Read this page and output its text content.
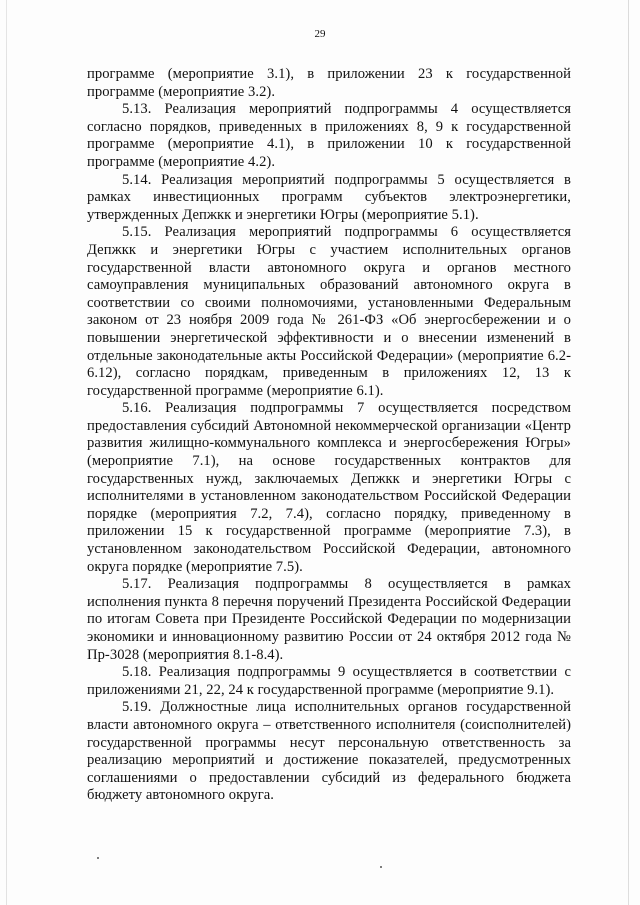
29

программе (мероприятие 3.1), в приложении 23 к государственной программе (мероприятие 3.2).

5.13. Реализация мероприятий подпрограммы 4 осуществляется согласно порядков, приведенных в приложениях 8, 9 к государственной программе (мероприятие 4.1), в приложении 10 к государственной программе (мероприятие 4.2).

5.14. Реализация мероприятий подпрограммы 5 осуществляется в рамках инвестиционных программ субъектов электроэнергетики, утвержденных Депжкк и энергетики Югры (мероприятие 5.1).

5.15. Реализация мероприятий подпрограммы 6 осуществляется Депжкк и энергетики Югры с участием исполнительных органов государственной власти автономного округа и органов местного самоуправления муниципальных образований автономного округа в соответствии со своими полномочиями, установленными Федеральным законом от 23 ноября 2009 года № 261-ФЗ «Об энергосбережении и о повышении энергетической эффективности и о внесении изменений в отдельные законодательные акты Российской Федерации» (мероприятие 6.2-6.12), согласно порядкам, приведенным в приложениях 12, 13 к государственной программе (мероприятие 6.1).

5.16. Реализация подпрограммы 7 осуществляется посредством предоставления субсидий Автономной некоммерческой организации «Центр развития жилищно-коммунального комплекса и энергосбережения Югры» (мероприятие 7.1), на основе государственных контрактов для государственных нужд, заключаемых Депжкк и энергетики Югры с исполнителями в установленном законодательством Российской Федерации порядке (мероприятия 7.2, 7.4), согласно порядку, приведенному в приложении 15 к государственной программе (мероприятие 7.3), в установленном законодательством Российской Федерации, автономного округа порядке (мероприятие 7.5).

5.17. Реализация подпрограммы 8 осуществляется в рамках исполнения пункта 8 перечня поручений Президента Российской Федерации по итогам Совета при Президенте Российской Федерации по модернизации экономики и инновационному развитию России от 24 октября 2012 года № Пр-3028 (мероприятия 8.1-8.4).

5.18. Реализация подпрограммы 9 осуществляется в соответствии с приложениями 21, 22, 24 к государственной программе (мероприятие 9.1).

5.19. Должностные лица исполнительных органов государственной власти автономного округа – ответственного исполнителя (соисполнителей) государственной программы несут персональную ответственность за реализацию мероприятий и достижение показателей, предусмотренных соглашениями о предоставлении субсидий из федерального бюджета бюджету автономного округа.
